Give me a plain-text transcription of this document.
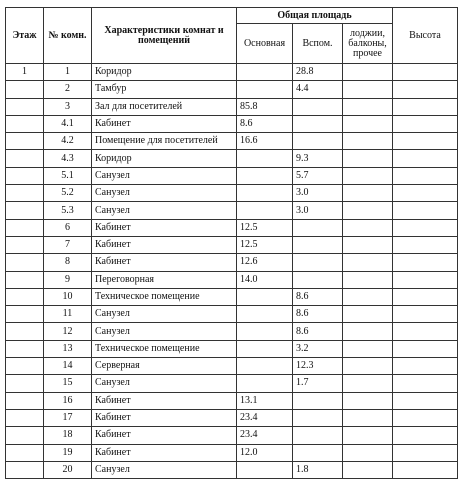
Этаж	№ комн.	Характеристики комнат и помещений	Общая площадь			Высота
			Основная	Вспом.	лоджии, балконы, прочее	
1	1	Коридор		28.8		
	2	Тамбур		4.4		
	3	Зал для посетителей	85.8			
	4.1	Кабинет	8.6			
	4.2	Помещение для посетителей	16.6			
	4.3	Коридор		9.3		
	5.1	Санузел		5.7		
	5.2	Санузел		3.0		
	5.3	Санузел		3.0		
	6	Кабинет	12.5			
	7	Кабинет	12.5			
	8	Кабинет	12.6			
	9	Переговорная	14.0			
	10	Техническое помещение		8.6		
	11	Санузел		8.6		
	12	Санузел		8.6		
	13	Техническое помещение		3.2		
	14	Серверная		12.3		
	15	Санузел		1.7		
	16	Кабинет	13.1			
	17	Кабинет	23.4			
	18	Кабинет	23.4			
	19	Кабинет	12.0			
	20	Санузел		1.8		
